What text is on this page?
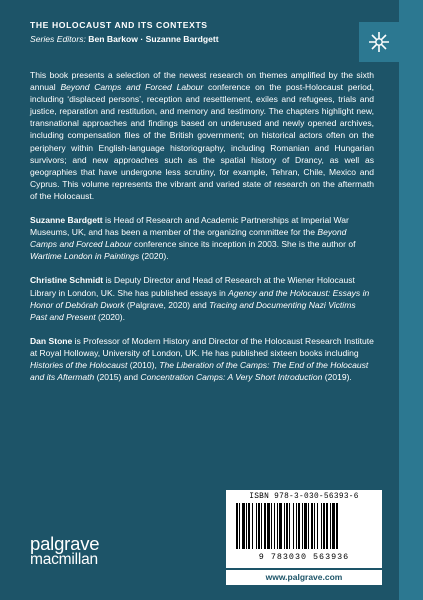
THE HOLOCAUST AND ITS CONTEXTS
Series Editors: Ben Barkow · Suzanne Bardgett
This book presents a selection of the newest research on themes amplified by the sixth annual Beyond Camps and Forced Labour conference on the post-Holocaust period, including ‘displaced persons’, reception and resettlement, exiles and refugees, trials and justice, reparation and restitution, and memory and testimony. The chapters highlight new, transnational approaches and findings based on underused and newly opened archives, including compensation files of the British government; on historical actors often on the periphery within English-language historiography, including Romanian and Hungarian survivors; and new approaches such as the spatial history of Drancy, as well as geographies that have undergone less scrutiny, for example, Tehran, Chile, Mexico and Cyprus. This volume represents the vibrant and varied state of research on the aftermath of the Holocaust.
Suzanne Bardgett is Head of Research and Academic Partnerships at Imperial War Museums, UK, and has been a member of the organizing committee for the Beyond Camps and Forced Labour conference since its inception in 2003. She is the author of Wartime London in Paintings (2020).
Christine Schmidt is Deputy Director and Head of Research at the Wiener Holocaust Library in London, UK. She has published essays in Agency and the Holocaust: Essays in Honor of Debórah Dwork (Palgrave, 2020) and Tracing and Documenting Nazi Victims Past and Present (2020).
Dan Stone is Professor of Modern History and Director of the Holocaust Research Institute at Royal Holloway, University of London, UK. He has published sixteen books including Histories of the Holocaust (2010), The Liberation of the Camps: The End of the Holocaust and its Aftermath (2015) and Concentration Camps: A Very Short Introduction (2019).
ISBN 978-3-030-56393-6
9 783030 563936
www.palgrave.com
palgrave
macmillan
